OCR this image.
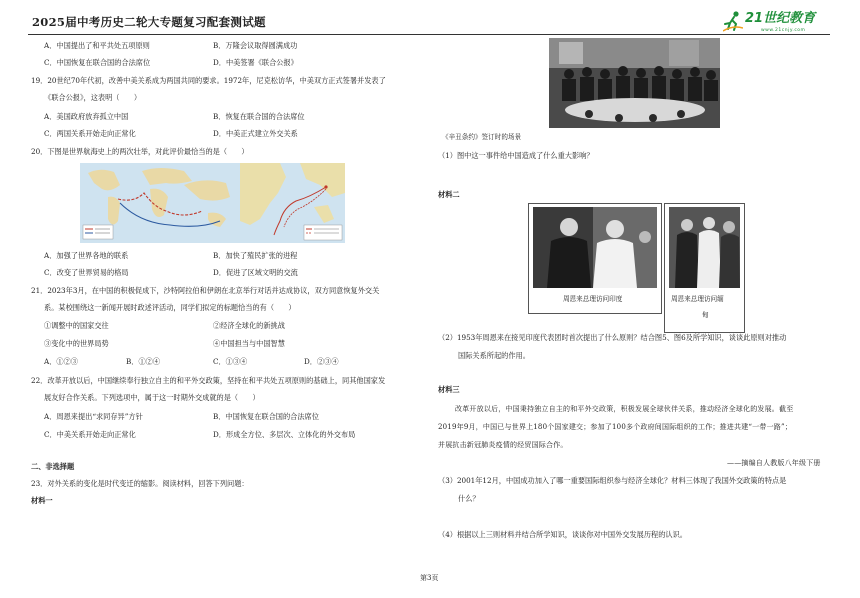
2025届中考历史二轮大专题复习配套测试题	21世纪教育
www.21cnjy.com
A．中国提出了和平共处五项原则	B．万隆会议取得圆满成功
C．中国恢复在联合国的合法席位	D．中美签署《联合公报》
19．20世纪70年代初，改善中美关系成为两国共同的要求。1972年，尼克松访华，中美双方正式签署并发表了
《联合公报》，这表明（　　）
A．美国政府放弃孤立中国	B．恢复在联合国的合法席位
C．两国关系开始走向正常化	D．中美正式建立外交关系
20．下图是世界航海史上的两次壮举，对此评价最恰当的是（　　）
A．加强了世界各地的联系	B．加快了殖民扩张的进程
C．改变了世界贸易的格局	D．促进了区域文明的交流
21．2023年3月，在中国的积极促成下，沙特阿拉伯和伊朗在北京举行对话并达成协议，双方同意恢复外交关
系。某校围绕这一新闻开展时政述评活动，同学们拟定的标题恰当的有（　　）
①调整中的国家交往	②经济全球化的新挑战
③变化中的世界局势	④中国担当与中国智慧
A．①②③	B．①②④	C．①③④	D．②③④
22．改革开放以后，中国继续奉行独立自主的和平外交政策，坚持在和平共处五项原则的基础上，同其他国家发
展友好合作关系。下列选项中，属于这一时期外交成就的是（　　）
A．周恩来提出“求同存异”方针	B．中国恢复在联合国的合法席位
C．中美关系开始走向正常化	D．形成全方位、多层次、立体化的外交布局
二、非选择题
23．对外关系的变化是时代变迁的缩影。阅读材料，回答下列问题：
材料一
《辛丑条约》签订时的场景
（1）图中这一事件给中国造成了什么重大影响？
材料二
周恩来总理访问印度	周恩来总理访问缅
甸
（2）1953年周恩来在接见印度代表团时首次提出了什么原则？结合图5、图6及所学知识，谈谈此原则对推动
国际关系所起的作用。
材料三
改革开放以后，中国秉持独立自主的和平外交政策，积极发展全球伙伴关系，推动经济全球化的发展。截至
2019年9月，中国已与世界上180个国家建交；参加了100多个政府间国际组织的工作；推进共建“一带一路”；
并展抗击新冠肺炎疫情的经贸国际合作。
——摘编自人教版八年级下册
（3）2001年12月，中国成功加入了哪一重要国际组织参与经济全球化？材料三体现了我国外交政策的特点是
什么？
（4）根据以上三则材料并结合所学知识，谈谈你对中国外交发展历程的认识。
第3页
